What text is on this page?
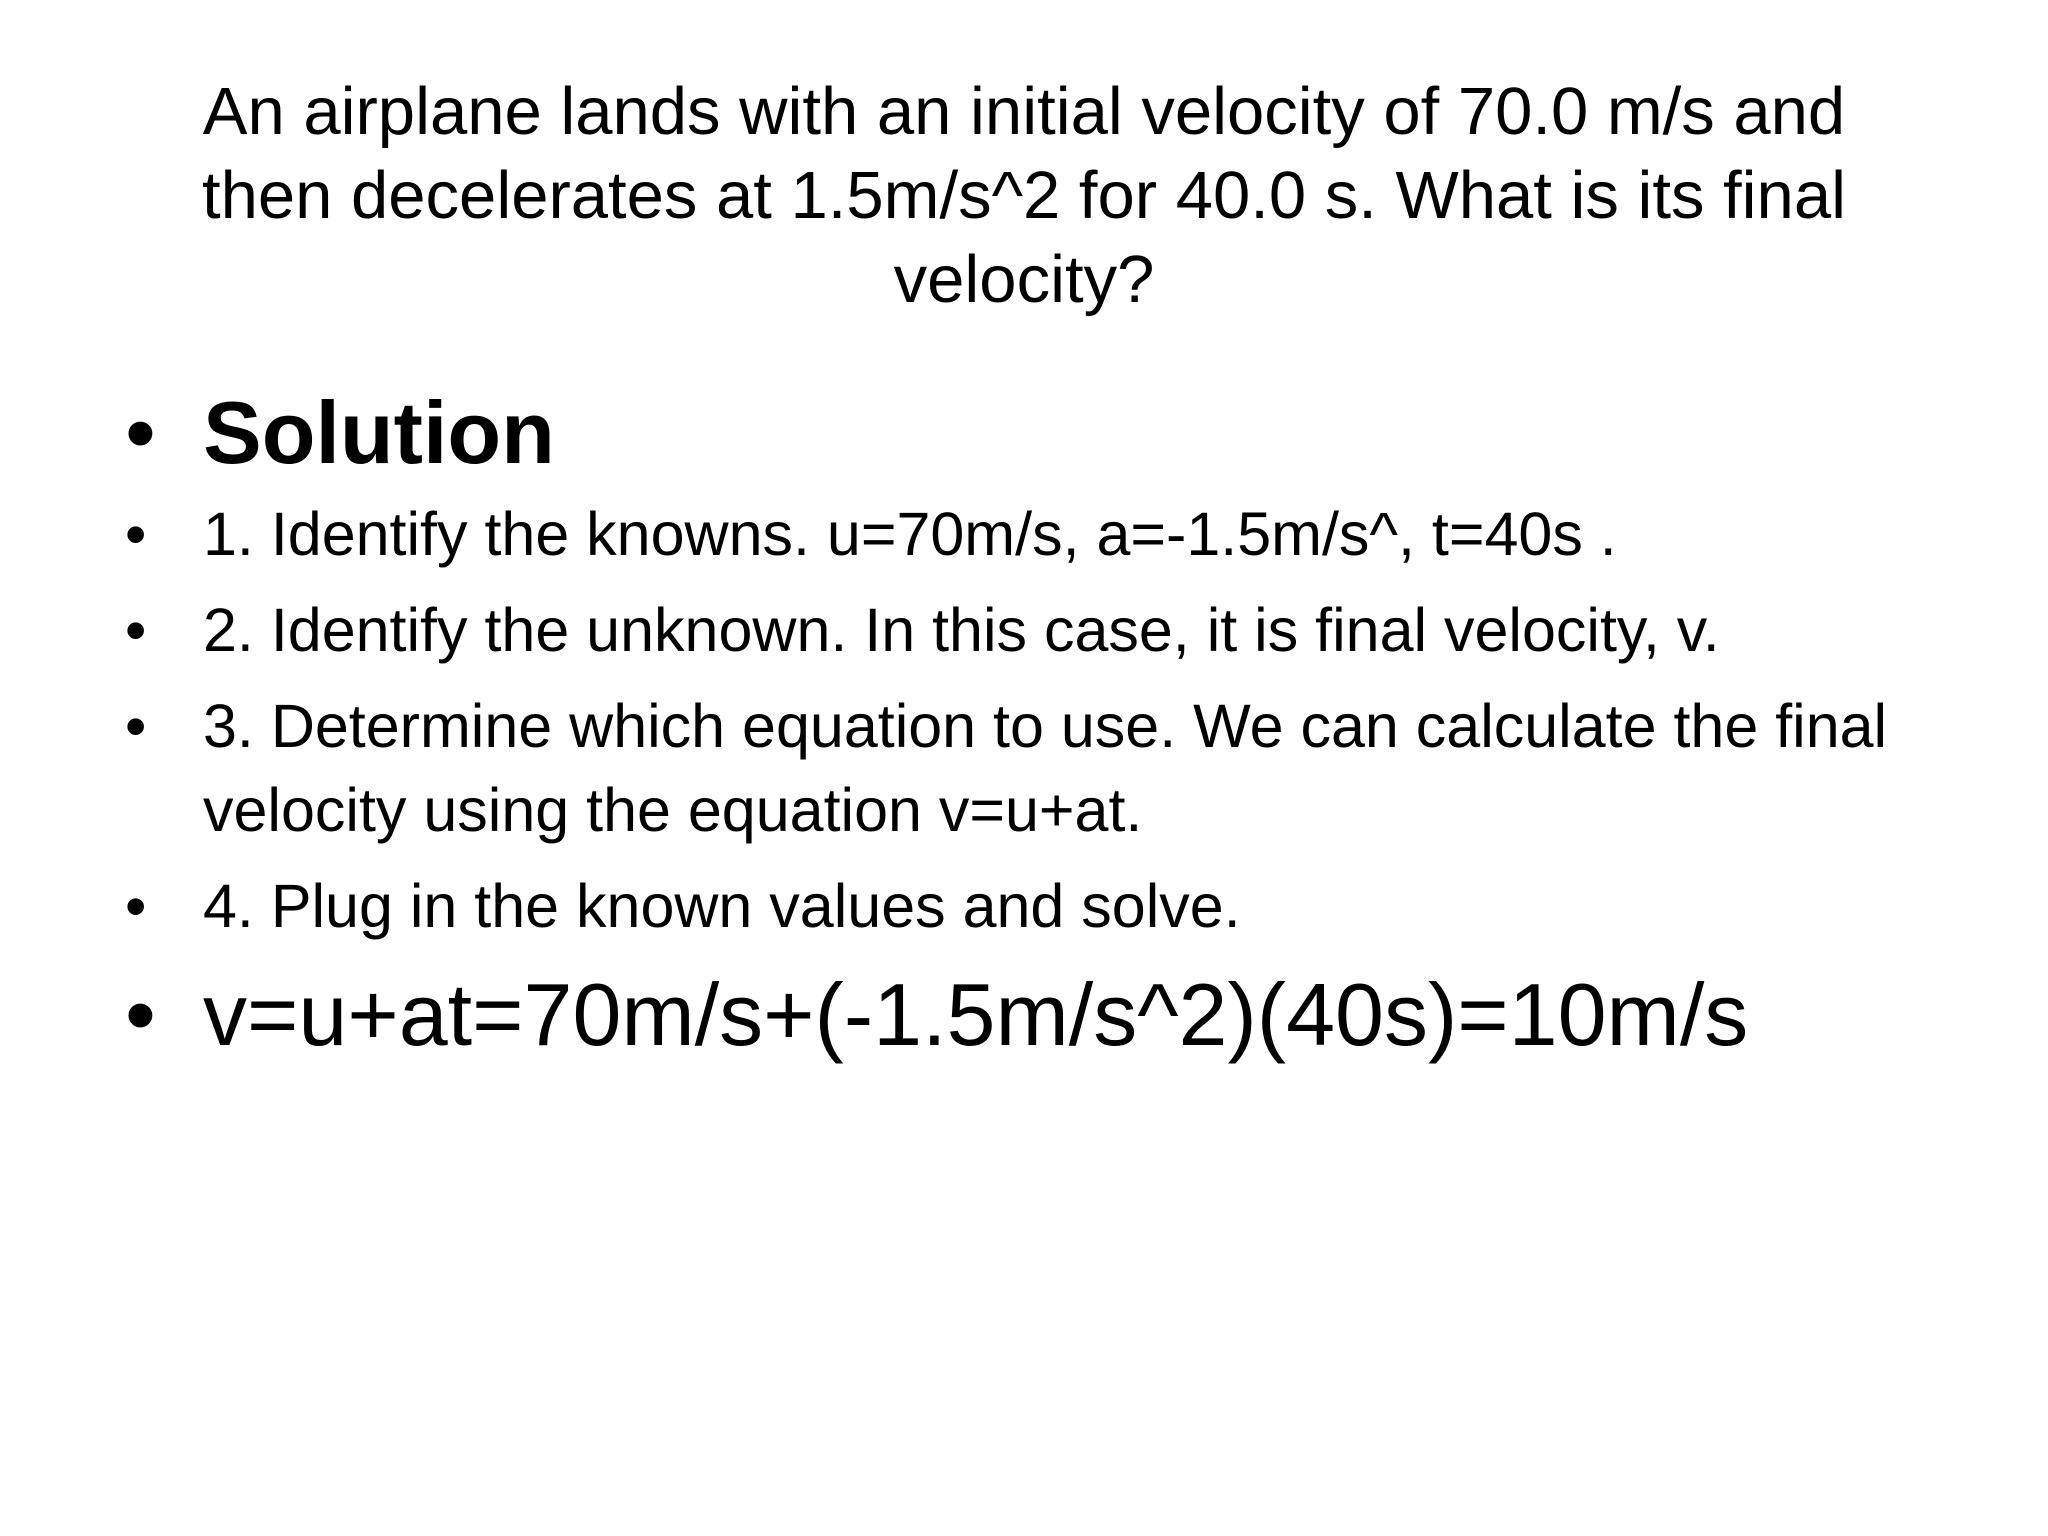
An airplane lands with an initial velocity of 70.0 m/s and
then decelerates at 1.5m/s^2 for 40.0 s. What is its final
velocity?
• Solution
• 1. Identify the knowns. u=70m/s, a=-1.5m/s^, t=40s .
• 2. Identify the unknown. In this case, it is final velocity, v.
• 3. Determine which equation to use. We can calculate the final velocity using the equation v=u+at.
• 4. Plug in the known values and solve.
• v=u+at=70m/s+(-1.5m/s^2)(40s)=10m/s
